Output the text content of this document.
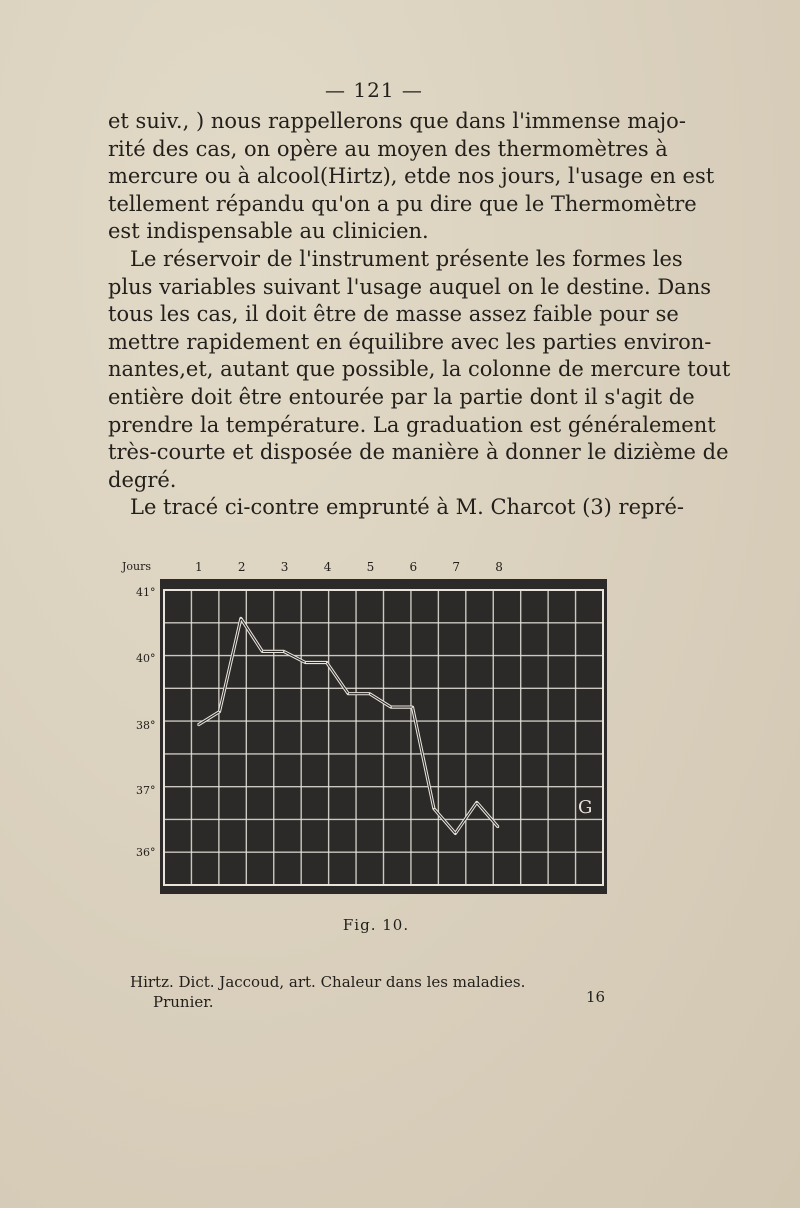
— 121 —
et suiv., ) nous rappellerons que dans l'immense majo-
rité des cas, on opère au moyen des thermomètres à
mercure ou à alcool(Hirtz), etde nos jours, l'usage en est
tellement répandu qu'on a pu dire que le Thermomètre
est indispensable au clinicien.
Le réservoir de l'instrument présente les formes les
plus variables suivant l'usage auquel on le destine. Dans
tous les cas, il doit être de masse assez faible pour se
mettre rapidement en équilibre avec les parties environ-
nantes,et, autant que possible, la colonne de mercure tout
entière doit être entourée par la partie dont il s'agit de
prendre la température. La graduation est généralement
très-courte et disposée de manière à donner le dizième de
degré.
Le tracé ci-contre emprunté à M. Charcot (3) repré-
Jours	1	2	3	4	5	6	7	8
41°
40°
38°
37°
36°
G
Fig. 10.
Hirtz. Dict. Jaccoud, art. Chaleur dans les maladies.
Prunier.	16
